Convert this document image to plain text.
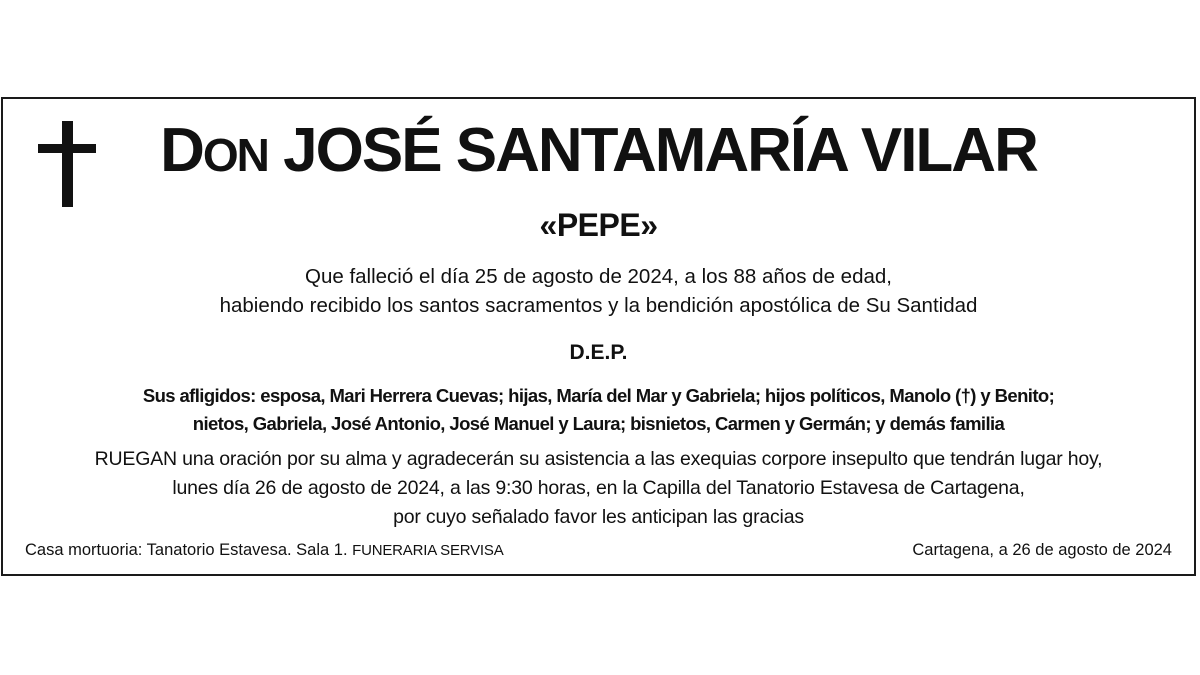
DON JOSÉ SANTAMARÍA VILAR
«PEPE»
Que falleció el día 25 de agosto de 2024, a los 88 años de edad,
habiendo recibido los santos sacramentos y la bendición apostólica de Su Santidad
D.E.P.
Sus afligidos: esposa, Mari Herrera Cuevas; hijas, María del Mar y Gabriela; hijos políticos, Manolo (†) y Benito;
nietos, Gabriela, José Antonio, José Manuel y Laura; bisnietos, Carmen y Germán; y demás familia
RUEGAN una oración por su alma y agradecerán su asistencia a las exequias corpore insepulto que tendrán lugar hoy,
lunes día 26 de agosto de 2024, a las 9:30 horas, en la Capilla del Tanatorio Estavesa de Cartagena,
por cuyo señalado favor les anticipan las gracias
Casa mortuoria: Tanatorio Estavesa. Sala 1. FUNERARIA SERVISA	Cartagena, a 26 de agosto de 2024
